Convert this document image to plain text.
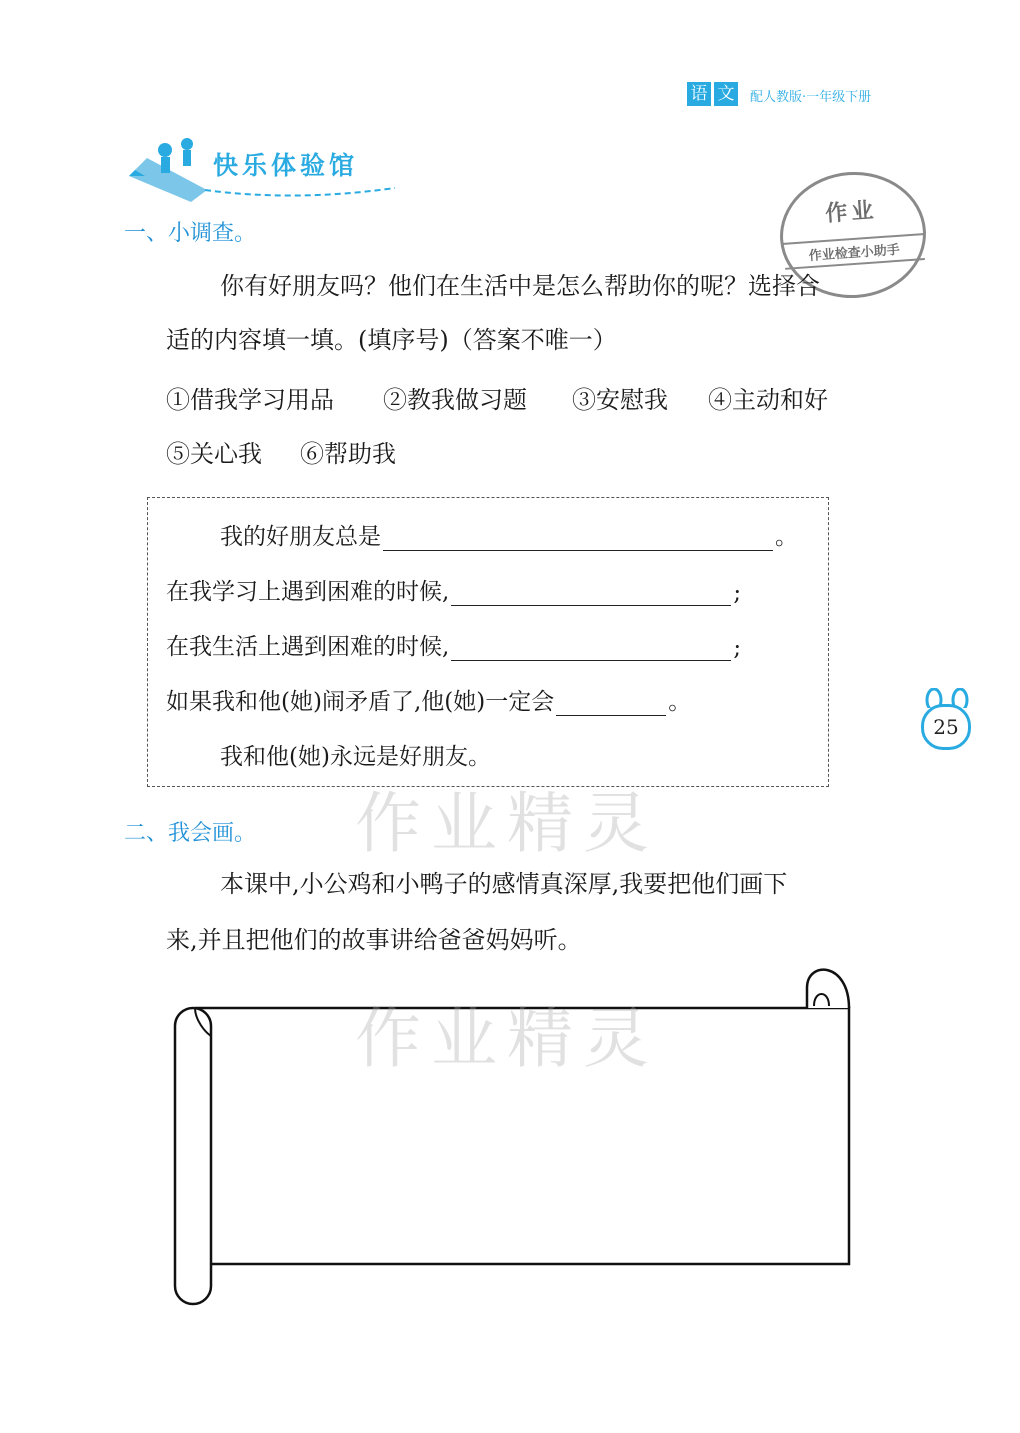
语 文 配人教版·一年级下册
快乐体验馆
作业
作业检查小助手
一、小调查。
你有好朋友吗？他们在生活中是怎么帮助你的呢？选择合
适的内容填一填。(填序号)（答案不唯一）
①借我学习用品 ②教我做习题 ③安慰我 ④主动和好
⑤关心我 ⑥帮助我
我的好朋友总是	。
在我学习上遇到困难的时候,	;
在我生活上遇到困难的时候,	;
如果我和他(她)闹矛盾了,他(她)一定会	。
我和他(她)永远是好朋友。
25
二、我会画。
本课中,小公鸡和小鸭子的感情真深厚,我要把他们画下
来,并且把他们的故事讲给爸爸妈妈听。
作业精灵
作业精灵
